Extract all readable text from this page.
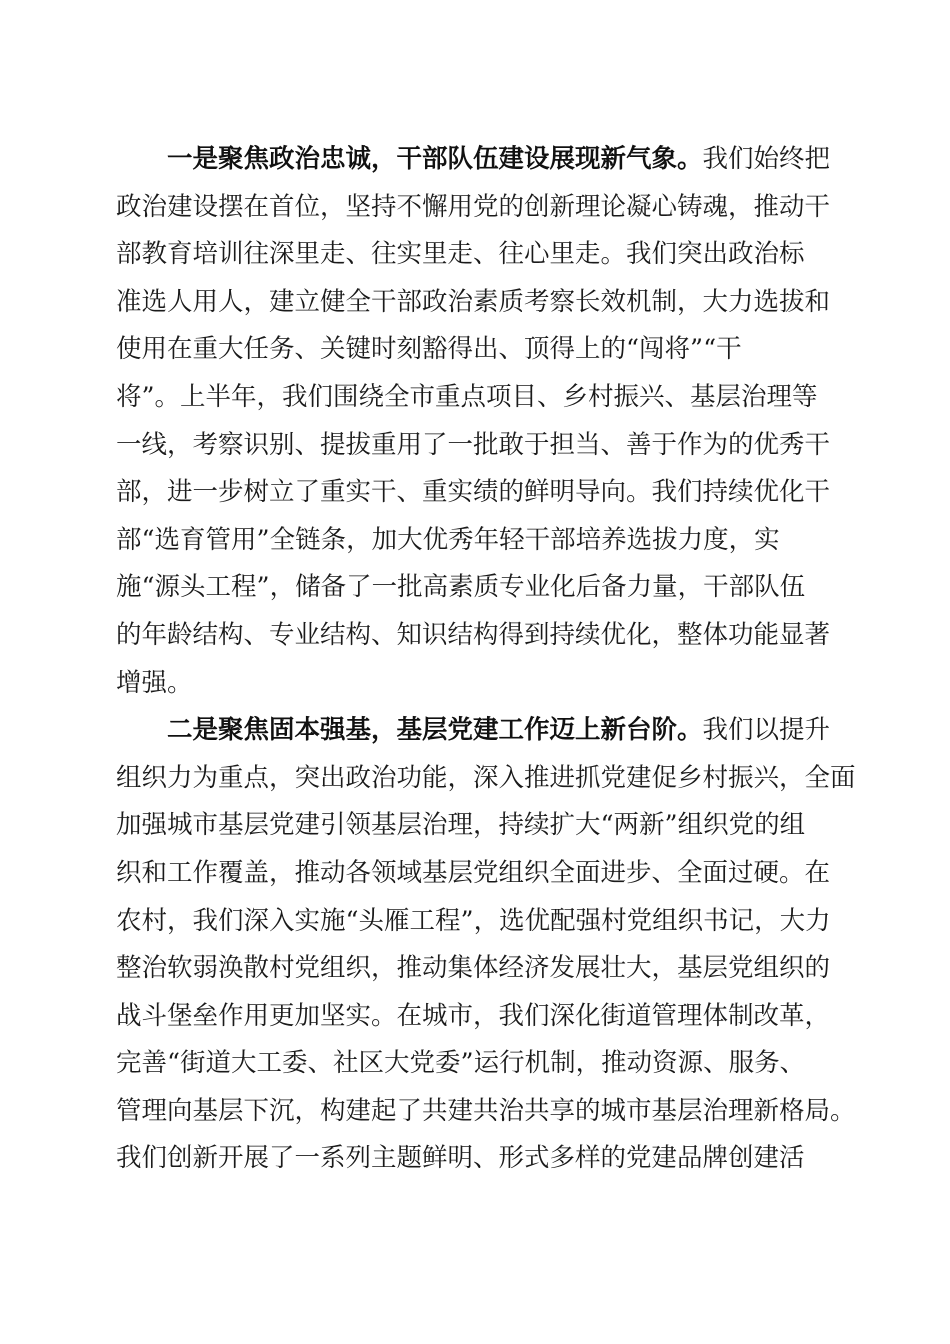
一是聚焦政治忠诚，干部队伍建设展现新气象。我们始终把
政治建设摆在首位，坚持不懈用党的创新理论凝心铸魂，推动干
部教育培训往深里走、往实里走、往心里走。我们突出政治标
准选人用人，建立健全干部政治素质考察长效机制，大力选拔和
使用在重大任务、关键时刻豁得出、顶得上的“闯将”“干
将”。上半年，我们围绕全市重点项目、乡村振兴、基层治理等
一线，考察识别、提拔重用了一批敢于担当、善于作为的优秀干
部，进一步树立了重实干、重实绩的鲜明导向。我们持续优化干
部“选育管用”全链条，加大优秀年轻干部培养选拔力度，实
施“源头工程”，储备了一批高素质专业化后备力量，干部队伍
的年龄结构、专业结构、知识结构得到持续优化，整体功能显著
增强。
二是聚焦固本强基，基层党建工作迈上新台阶。我们以提升
组织力为重点，突出政治功能，深入推进抓党建促乡村振兴，全面
加强城市基层党建引领基层治理，持续扩大“两新”组织党的组
织和工作覆盖，推动各领域基层党组织全面进步、全面过硬。在
农村，我们深入实施“头雁工程”，选优配强村党组织书记，大力
整治软弱涣散村党组织，推动集体经济发展壮大，基层党组织的
战斗堡垒作用更加坚实。在城市，我们深化街道管理体制改革，
完善“街道大工委、社区大党委”运行机制，推动资源、服务、
管理向基层下沉，构建起了共建共治共享的城市基层治理新格局。
我们创新开展了一系列主题鲜明、形式多样的党建品牌创建活
